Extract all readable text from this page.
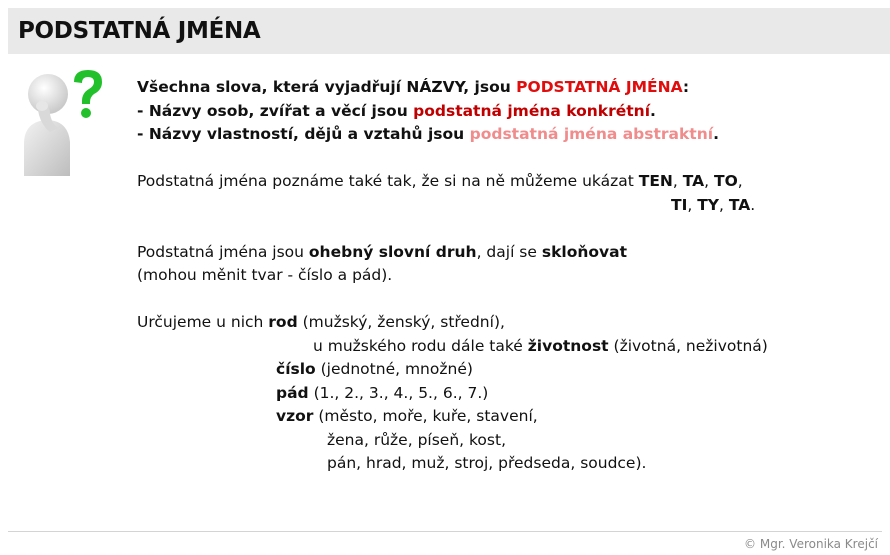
PODSTATNÁ JMÉNA
Všechna slova, která vyjadřují NÁZVY, jsou PODSTATNÁ JMÉNA:
- Názvy osob, zvířat a věcí jsou podstatná jména konkrétní.
- Názvy vlastností, dějů a vztahů jsou podstatná jména abstraktní.
Podstatná jména poznáme také tak, že si na ně můžeme ukázat TEN, TA, TO,
TI, TY, TA.
Podstatná jména jsou ohebný slovní druh, dají se skloňovat
(mohou měnit tvar - číslo a pád).
Určujeme u nich rod (mužský, ženský, střední),
u mužského rodu dále také životnost (životná, neživotná)
číslo (jednotné, množné)
pád (1., 2., 3., 4., 5., 6., 7.)
vzor (město, moře, kuře, stavení,
žena, růže, píseň, kost,
pán, hrad, muž, stroj, předseda, soudce).
© Mgr. Veronika Krejčí
